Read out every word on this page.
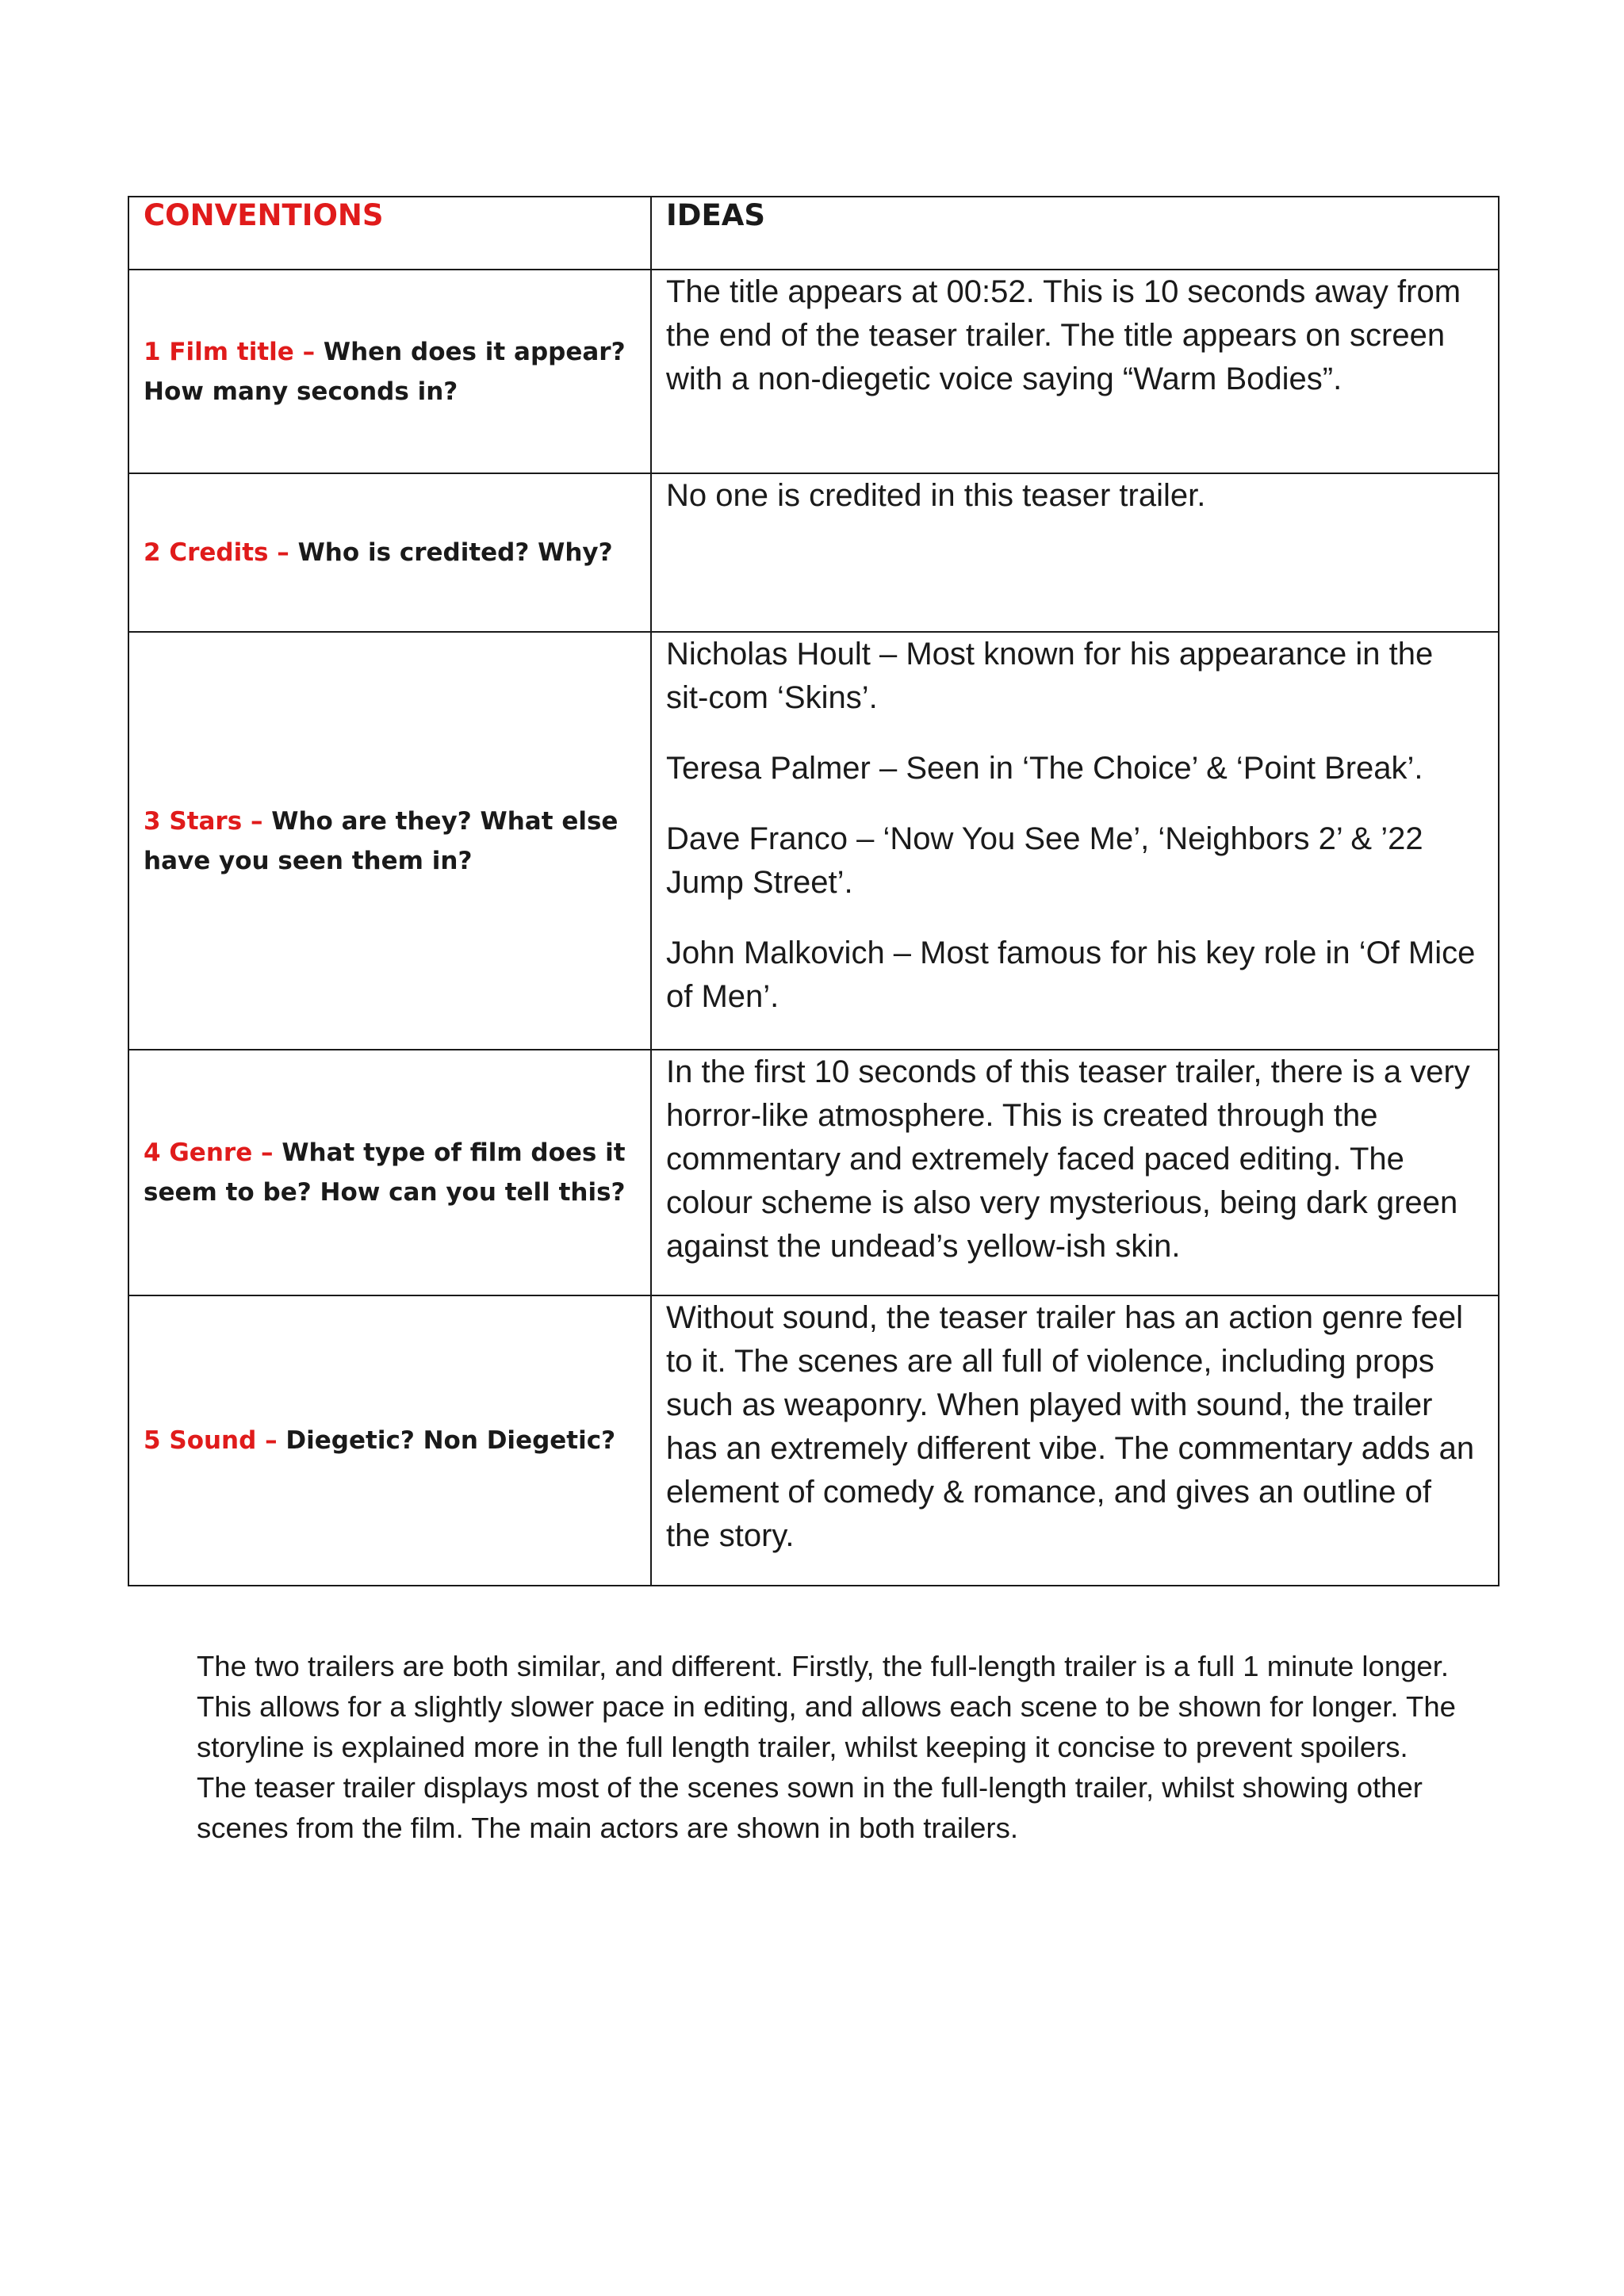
CONVENTIONS	IDEAS
1 Film title – When does it appear? How many seconds in?	The title appears at 00:52. This is 10 seconds away from the end of the teaser trailer. The title appears on screen with a non-diegetic voice saying “Warm Bodies”.

2 Credits – Who is credited? Why?	No one is credited in this teaser trailer.

3 Stars – Who are they? What else have you seen them in?	Nicholas Hoult – Most known for his appearance in the sit-com ‘Skins’.

Teresa Palmer – Seen in ‘The Choice’ & ‘Point Break’.

Dave Franco – ‘Now You See Me’, ‘Neighbors 2’ & ’22 Jump Street’.

John Malkovich – Most famous for his key role in ‘Of Mice of Men’.

4 Genre – What type of film does it seem to be? How can you tell this?	In the first 10 seconds of this teaser trailer, there is a very horror-like atmosphere. This is created through the commentary and extremely faced paced editing. The colour scheme is also very mysterious, being dark green against the undead’s yellow-ish skin.

5 Sound – Diegetic? Non Diegetic?	Without sound, the teaser trailer has an action genre feel to it. The scenes are all full of violence, including props such as weaponry. When played with sound, the trailer has an extremely different vibe. The commentary adds an element of comedy & romance, and gives an outline of the story.

The two trailers are both similar, and different. Firstly, the full-length trailer is a full 1 minute longer. This allows for a slightly slower pace in editing, and allows each scene to be shown for longer. The storyline is explained more in the full length trailer, whilst keeping it concise to prevent spoilers. The teaser trailer displays most of the scenes sown in the full-length trailer, whilst showing other scenes from the film. The main actors are shown in both trailers.
